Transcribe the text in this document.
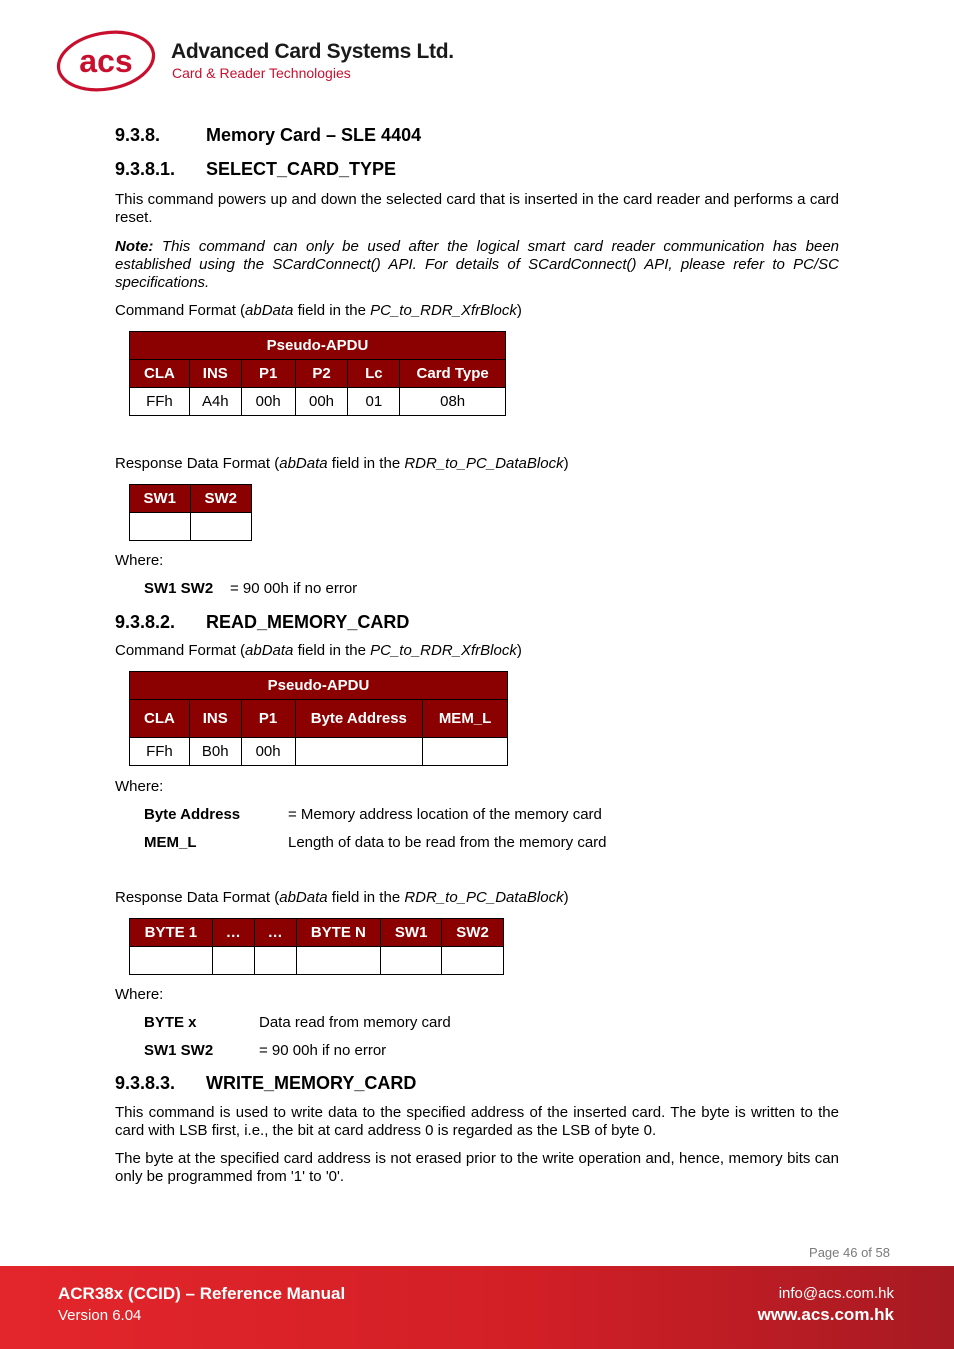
acs Advanced Card Systems Ltd.
Card & Reader Technologies
9.3.8.	Memory Card – SLE 4404
9.3.8.1.	SELECT_CARD_TYPE
This command powers up and down the selected card that is inserted in the card reader and performs a card reset.
Note: This command can only be used after the logical smart card reader communication has been established using the SCardConnect() API. For details of SCardConnect() API, please refer to PC/SC specifications.
Command Format (abData field in the PC_to_RDR_XfrBlock)
Pseudo-APDU					
CLA	INS	P1	P2	Lc	Card Type
FFh	A4h	00h	00h	01	08h
Response Data Format (abData field in the RDR_to_PC_DataBlock)
SW1	SW2

Where:
SW1 SW2	= 90 00h if no error
9.3.8.2.	READ_MEMORY_CARD
Command Format (abData field in the PC_to_RDR_XfrBlock)
Pseudo-APDU				
CLA	INS	P1	Byte Address	MEM_L
FFh	B0h	00h		
Where:
Byte Address	= Memory address location of the memory card
MEM_L	Length of data to be read from the memory card
Response Data Format (abData field in the RDR_to_PC_DataBlock)
BYTE 1	…	…	BYTE N	SW1	SW2

Where:
BYTE x	Data read from memory card
SW1 SW2	= 90 00h if no error
9.3.8.3.	WRITE_MEMORY_CARD
This command is used to write data to the specified address of the inserted card. The byte is written to the card with LSB first, i.e., the bit at card address 0 is regarded as the LSB of byte 0.
The byte at the specified card address is not erased prior to the write operation and, hence, memory bits can only be programmed from '1' to '0'.
Page 46 of 58
ACR38x (CCID) – Reference Manual
Version 6.04
info@acs.com.hk
www.acs.com.hk
